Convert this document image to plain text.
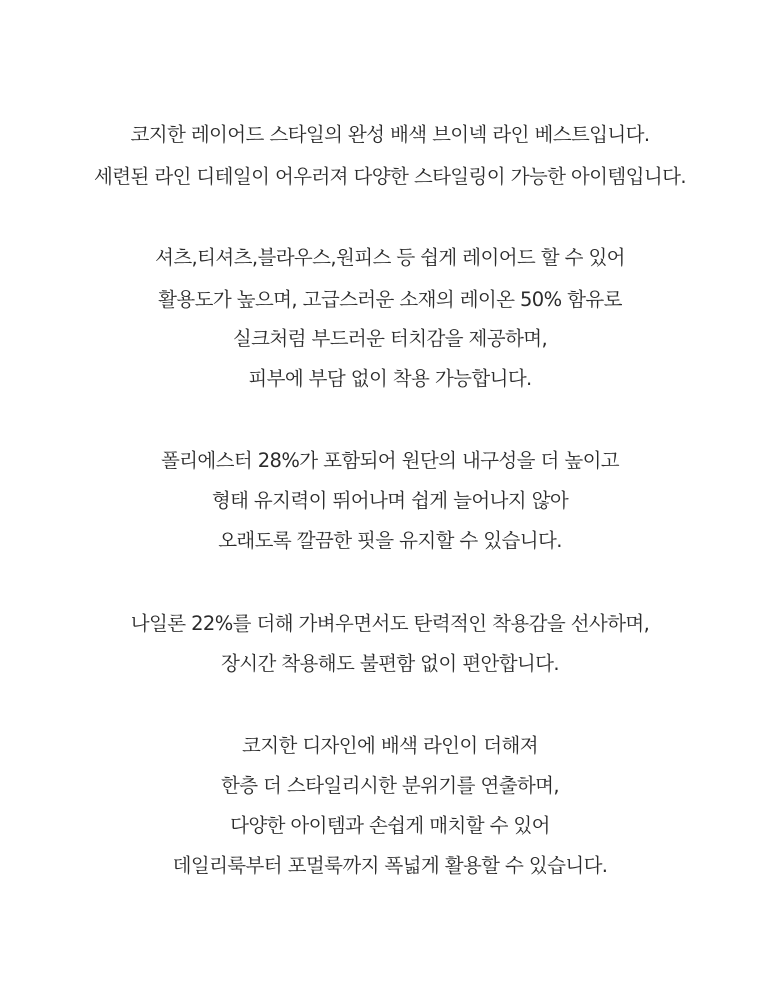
코지한 레이어드 스타일의 완성 배색 브이넥 라인 베스트입니다.
세련된 라인 디테일이 어우러져 다양한 스타일링이 가능한 아이템입니다.
셔츠,티셔츠,블라우스,원피스 등 쉽게 레이어드 할 수 있어
활용도가 높으며, 고급스러운 소재의 레이온 50% 함유로
실크처럼 부드러운 터치감을 제공하며,
피부에 부담 없이 착용 가능합니다.
폴리에스터 28%가 포함되어 원단의 내구성을 더 높이고
형태 유지력이 뛰어나며 쉽게 늘어나지 않아
오래도록 깔끔한 핏을 유지할 수 있습니다.
나일론 22%를 더해 가벼우면서도 탄력적인 착용감을 선사하며,
장시간 착용해도 불편함 없이 편안합니다.
코지한 디자인에 배색 라인이 더해져
한층 더 스타일리시한 분위기를 연출하며,
다양한 아이템과 손쉽게 매치할 수 있어
데일리룩부터 포멀룩까지 폭넓게 활용할 수 있습니다.
